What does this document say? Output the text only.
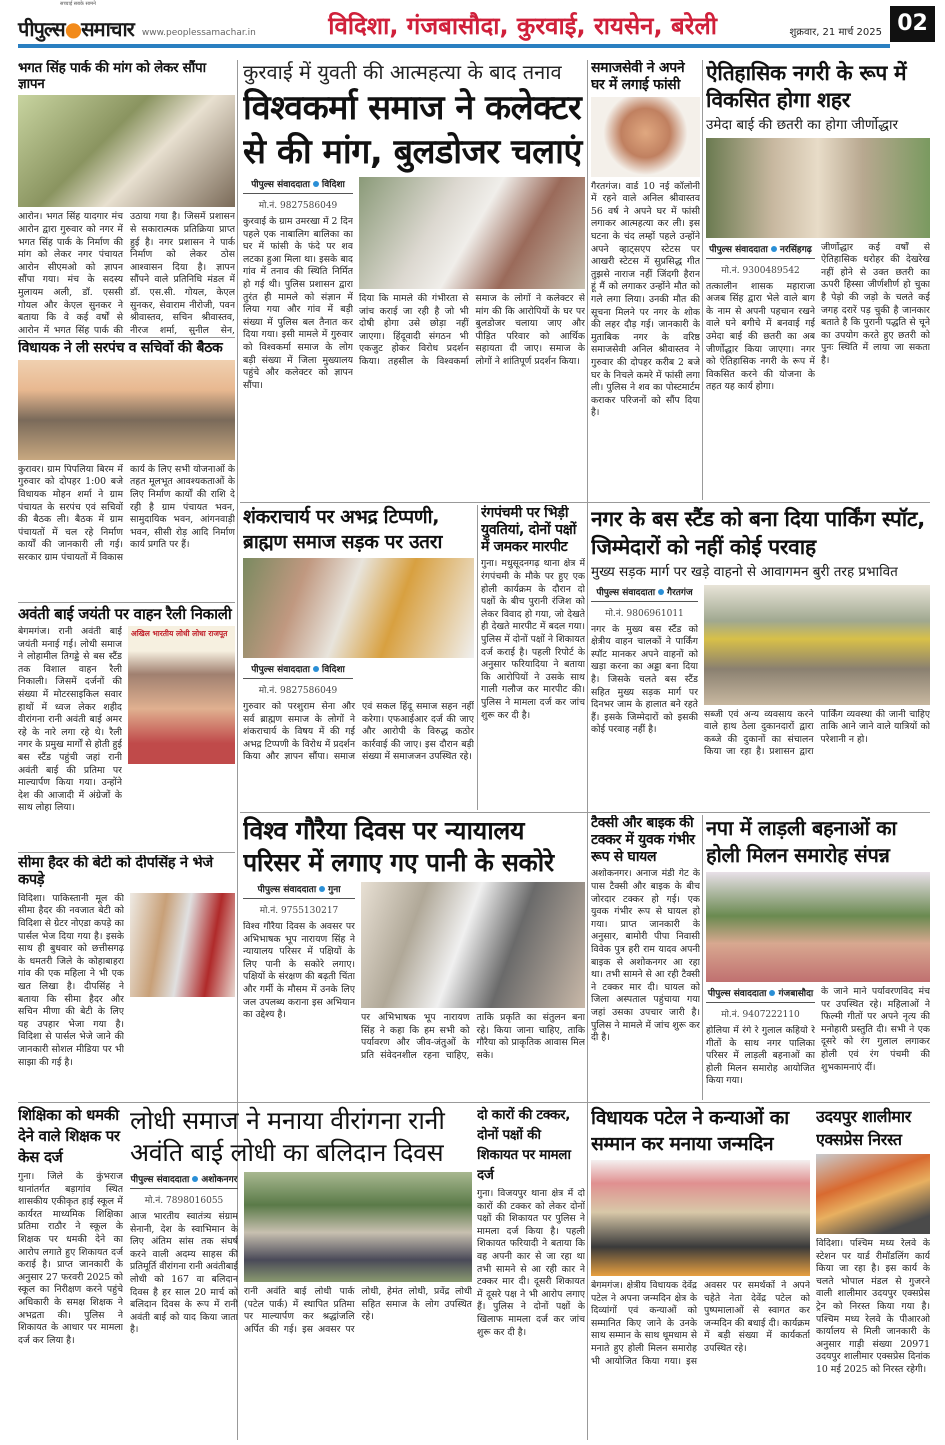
सच्चाई सबके सामने
पीपुल्स●समाचार www.peoplessamachar.in	विदिशा, गंजबासौदा, कुरवाई, रायसेन, बरेली	शुक्रवार, 21 मार्च 2025 02
भगत सिंह पार्क की मांग को लेकर सौंपा ज्ञापन
आरोन। भगत सिंह यादगार मंच आरोन द्वारा गुरुवार को नगर में भगत सिंह पार्क के निर्माण की मांग को लेकर नगर पंचायत आरोन सीएमओ को ज्ञापन सौंपा गया। मंच के सदस्य मुलायम अली, डॉ. एससी गोयल और केएल सुनकर ने बताया कि वे कई वर्षों से आरोन में भगत सिंह पार्क की उठाया गया है। जिसमें प्रशासन से सकारात्मक प्रतिक्रिया प्राप्त हुई है। नगर प्रशासन ने पार्क निर्माण को लेकर ठोस आश्वासन दिया है। ज्ञापन सौंपने वाले प्रतिनिधि मंडल में डॉ. एस.सी. गोयल, केएल सुनकर, सेवाराम नीरोजी, पवन श्रीवास्तव, सचिन श्रीवास्तव, नीरज शर्मा, सुनील सेन,
विधायक ने ली सरपंच व सचिवों की बैठक
कुरावर। ग्राम पिपलिया बिरम में गुरुवार को दोपहर 1:00 बजे विधायक मोहन शर्मा ने ग्राम पंचायत के सरपंच एवं सचिवों की बैठक ली। बैठक में ग्राम पंचायतों में चल रहे निर्माण कार्यों की जानकारी ली गई। सरकार ग्राम पंचायतों में विकास कार्य के लिए सभी योजनाओं के तहत मूलभूत आवश्यकताओं के लिए निर्माण कार्यों की राशि दे रही है ग्राम पंचायत भवन, सामुदायिक भवन, आंगनवाड़ी भवन, सीसी रोड़ आदि निर्माण कार्य प्रगति पर हैं।
कुरवाई में युवती की आत्महत्या के बाद तनाव
विश्वकर्मा समाज ने कलेक्टर से की मांग, बुलडोजर चलाएं
पीपुल्स संवाददाता विदिशा
मो.नं. 9827586049
कुरवाई के ग्राम उमरखा में 2 दिन पहले एक नाबालिग बालिका का घर में फांसी के फंदे पर शव लटका हुआ मिला था। इसके बाद गांव में तनाव की स्थिति निर्मित हो गई थी। पुलिस प्रशासन द्वारा तुरंत ही मामले को संज्ञान में लिया गया और गांव में बड़ी संख्या में पुलिस बल तैनात कर दिया गया। इसी मामले में गुरुवार को विश्वकर्मा समाज के लोग बड़ी संख्या में जिला मुख्यालय पहुंचे और कलेक्टर को ज्ञापन सौंपा।
दिया कि मामले की गंभीरता से जांच कराई जा रही है जो भी दोषी होगा उसे छोड़ा नहीं जाएगा। हिंदूवादी संगठन भी एकजुट होकर विरोध प्रदर्शन किया। तहसील के विश्वकर्मा समाज के लोगों ने कलेक्टर से मांग की कि आरोपियों के घर पर बुलडोजर चलाया जाए और पीड़ित परिवार को आर्थिक सहायता दी जाए। समाज के लोगों ने शांतिपूर्ण प्रदर्शन किया।
समाजसेवी ने अपने घर में लगाई फांसी
गैरतगंज। वार्ड 10 नई कॉलोनी में रहने वाले अनिल श्रीवास्तव 56 वर्ष ने अपने घर में फांसी लगाकर आत्महत्या कर ली। इस घटना के चंद लम्हों पहले उन्होंने अपने व्हाट्सएप स्टेटस पर आखरी स्टेटस में सुप्रसिद्ध गीत तुझसे नाराज नहीं जिंदगी हैरान हूं मैं को लगाकर उन्होंने मौत को गले लगा लिया। उनकी मौत की सूचना मिलने पर नगर के शोक की लहर दौड़ गई। जानकारी के मुताबिक नगर के वरिष्ठ समाजसेवी अनिल श्रीवास्तव ने गुरुवार की दोपहर करीब 2 बजे घर के निचले कमरे में फांसी लगा ली। पुलिस ने शव का पोस्टमार्टम कराकर परिजनों को सौंप दिया है।
ऐतिहासिक नगरी के रूप में विकसित होगा शहर
उमेदा बाई की छतरी का होगा जीर्णोद्धार
पीपुल्स संवाददाता नरसिंहगढ़
मो.नं. 9300489542
तत्कालीन शासक महाराजा अजब सिंह द्वारा भेले वाले बाग के नाम से अपनी पहचान रखने वाले घने बगीचे में बनवाई गई उमेदा बाई की छतरी का अब जीर्णोद्धार किया जाएगा। नगर को ऐतिहासिक नगरी के रूप में विकसित करने की योजना के तहत यह कार्य होगा।
जीर्णोद्धार कई वर्षों से ऐतिहासिक धरोहर की देखरेख नहीं होने से उक्त छतरी का ऊपरी हिस्सा जीर्णशीर्ण हो चुका है पेड़ो की जड़ो के चलते कई जगह दरारें पड़ चुकी है जानकार बताते है कि पुरानी पद्धति से चूने का उपयोग करते हुए छतरी को पुनः स्थिति में लाया जा सकता है।
अवंती बाई जयंती पर वाहन रैली निकाली
बेगमगंज। रानी अवंती बाई जयंती मनाई गई। लोधी समाज ने लोहामील तिगड्डे से बस स्टैंड तक विशाल वाहन रैली निकाली। जिसमें दर्जनों की संख्या में मोटरसाइकिल सवार हाथों में ध्वज लेकर शहीद वीरांगना रानी अवंती बाई अमर रहे के नारे लगा रहे थे। रैली नगर के प्रमुख मार्गों से होती हुई बस स्टैंड पहुंची जहां रानी अवंती बाई की प्रतिमा पर माल्यार्पण किया गया। उन्होंने देश की आजादी में अंग्रेजों के साथ लोहा लिया।
अखिल भारतीय लोधी लोधा राजपूत
शंकराचार्य पर अभद्र टिप्पणी, ब्राह्मण समाज सड़क पर उतरा
पीपुल्स संवाददाता विदिशा
मो.नं. 9827586049
गुरुवार को परशुराम सेना और सर्व ब्राह्मण समाज के लोगों ने शंकराचार्य के विषय में की गई अभद्र टिप्पणी के विरोध में प्रदर्शन किया और ज्ञापन सौंपा। समाज एवं सकल हिंदू समाज सहन नहीं करेगा। एफआईआर दर्ज की जाए और आरोपी के विरुद्ध कठोर कार्रवाई की जाए। इस दौरान बड़ी संख्या में समाजजन उपस्थित रहे।
रंगपंचमी पर भिड़ी युवतियां, दोनों पक्षों में जमकर मारपीट
गुना। मधुसूदनगढ़ थाना क्षेत्र में रंगपंचमी के मौके पर हुए एक होली कार्यक्रम के दौरान दो पक्षों के बीच पुरानी रंजिश को लेकर विवाद हो गया, जो देखते ही देखते मारपीट में बदल गया। पुलिस में दोनों पक्षों ने शिकायत दर्ज कराई है। पहली रिपोर्ट के अनुसार फरियादिया ने बताया कि आरोपियों ने उसके साथ गाली गलौज कर मारपीट की। पुलिस ने मामला दर्ज कर जांच शुरू कर दी है।
नगर के बस स्टैंड को बना दिया पार्किंग स्पॉट, जिम्मेदारों को नहीं कोई परवाह
मुख्य सड़क मार्ग पर खड़े वाहनो से आवागमन बुरी तरह प्रभावित
पीपुल्स संवाददाता गैरतगंज
मो.नं. 9806961011
नगर के मुख्य बस स्टैंड को क्षेत्रीय वाहन चालकों ने पार्किंग स्पॉट मानकर अपने वाहनों को खड़ा करना का अड्डा बना दिया है। जिसके चलते बस स्टैंड सहित मुख्य सड़क मार्ग पर दिनभर जाम के हालात बने रहते हैं। इसके जिम्मेदारों को इसकी कोई परवाह नहीं है।
सब्जी एवं अन्य व्यवसाय करने वाले हाथ ठेला दुकानदारों द्वारा कब्जे की दुकानों का संचालन किया जा रहा है। प्रशासन द्वारा पार्किंग व्यवस्था की जानी चाहिए ताकि आने जाने वाले यात्रियों को परेशानी न हो।
सीमा हैदर की बेटी को दीपसिंह ने भेजे कपड़े
विदिशा। पाकिस्तानी मूल की सीमा हैदर की नवजात बेटी को विदिशा से ग्रेटर नोएडा कपड़े का पार्सल भेज दिया गया है। इसके साथ ही बुधवार को छत्तीसगढ़ के धमतरी जिले के कोहाबाहरा गांव की एक महिला ने भी एक खत लिखा है। दीपसिंह ने बताया कि सीमा हैदर और सचिन मीणा की बेटी के लिए यह उपहार भेजा गया है। विदिशा से पार्सल भेजे जाने की जानकारी सोशल मीडिया पर भी साझा की गई है।
विश्व गौरैया दिवस पर न्यायालय परिसर में लगाए गए पानी के सकोरे
पीपुल्स संवाददाता गुना
मो.नं. 9755130217
विश्व गौरैया दिवस के अवसर पर अभिभाषक भूप नारायण सिंह ने न्यायालय परिसर में पक्षियों के लिए पानी के सकोरे लगाए। पक्षियों के संरक्षण की बढ़ती चिंता और गर्मी के मौसम में उनके लिए जल उपलब्ध कराना इस अभियान का उद्देश्य है।	पर अभिभाषक भूप नारायण सिंह ने कहा कि हम सभी को पर्यावरण और जीव-जंतुओं के प्रति संवेदनशील रहना चाहिए, ताकि प्रकृति का संतुलन बना रहे। किया जाना चाहिए, ताकि गौरैया को प्राकृतिक आवास मिल सके।
टैक्सी और बाइक की टक्कर में युवक गंभीर रूप से घायल
अशोकनगर। अनाज मंडी गेट के पास टैक्सी और बाइक के बीच जोरदार टक्कर हो गई। एक युवक गंभीर रूप से घायल हो गया। प्राप्त जानकारी के अनुसार, बामोरी पीपा निवासी विवेक पुत्र हरी राम यादव अपनी बाइक से अशोकनगर आ रहा था। तभी सामने से आ रही टैक्सी ने टक्कर मार दी। घायल को जिला अस्पताल पहुंचाया गया जहां उसका उपचार जारी है। पुलिस ने मामले में जांच शुरू कर दी है।
नपा में लाड़ली बहनाओं का होली मिलन समारोह संपन्न
पीपुल्स संवाददाता गंजबासौदा
मो.नं. 9407222110
होलिया में रंगे रे गुलाल कहियो रे गीतों के साथ नगर पालिका परिसर में लाड़ली बहनाओं का होली मिलन समारोह आयोजित किया गया।
के जाने माने पर्यावरणविद मंच पर उपस्थित रहे। महिलाओं ने फिल्मी गीतों पर अपने नृत्य की मनोहारी प्रस्तुति दी। सभी ने एक दूसरे को रंग गुलाल लगाकर होली एवं रंग पंचमी की शुभकामनाएं दीं।
शिक्षिका को धमकी देने वाले शिक्षक पर केस दर्ज
गुना। जिले के कुंभराज थानांतर्गत बड़ागांव स्थित शासकीय एकीकृत हाई स्कूल में कार्यरत माध्यमिक शिक्षिका प्रतिमा राठौर ने स्कूल के शिक्षक पर धमकी देने का आरोप लगाते हुए शिकायत दर्ज कराई है। प्राप्त जानकारी के अनुसार 27 फरवरी 2025 को स्कूल का निरीक्षण करने पहुंचे अधिकारी के समक्ष शिक्षक ने अभद्रता की। पुलिस ने शिकायत के आधार पर मामला दर्ज कर लिया है।
लोधी समाज ने मनाया वीरांगना रानी अवंति बाई लोधी का बलिदान दिवस
पीपुल्स संवाददाता अशोकनगर
मो.नं. 7898016055
आज भारतीय स्वातंत्र्य संग्राम सेनानी, देश के स्वाभिमान के लिए अंतिम सांस तक संघर्ष करने वाली अदम्य साहस की प्रतिमूर्ति वीरांगना रानी अवंतीबाई लोधी को 167 वा बलिदान दिवस है हर साल 20 मार्च को बलिदान दिवस के रूप में रानी अवंती बाई को याद किया जाता है।
रानी अवंति बाई लोधी पार्क (पटेल पार्क) में स्थापित प्रतिमा पर माल्यार्पण कर श्रद्धांजलि अर्पित की गई। इस अवसर पर लोधी, हेमंत लोधी, प्रवेंद्र लोधी सहित समाज के लोग उपस्थित रहे।
दो कारों की टक्कर, दोनों पक्षों की शिकायत पर मामला दर्ज
गुना। विजयपुर थाना क्षेत्र में दो कारों की टक्कर को लेकर दोनों पक्षों की शिकायत पर पुलिस ने मामला दर्ज किया है। पहली शिकायत फरियादी ने बताया कि वह अपनी कार से जा रहा था तभी सामने से आ रही कार ने टक्कर मार दी। दूसरी शिकायत में दूसरे पक्ष ने भी आरोप लगाए हैं। पुलिस ने दोनों पक्षों के खिलाफ मामला दर्ज कर जांच शुरू कर दी है।
विधायक पटेल ने कन्याओं का सम्मान कर मनाया जन्मदिन
बेगमगंज। क्षेत्रीय विधायक देवेंद्र पटेल ने अपना जन्मदिन क्षेत्र के दिव्यांगों एवं कन्याओं को सम्मानित किए जाने के उनके साथ सम्मान के साथ धूमधाम से मनाते हुए होली मिलन समारोह भी आयोजित किया गया। इस अवसर पर समर्थकों ने अपने चहेते नेता देवेंद्र पटेल को पुष्पमालाओं से स्वागत कर जन्मदिन की बधाई दी। कार्यक्रम में बड़ी संख्या में कार्यकर्ता उपस्थित रहे।
उदयपुर शालीमार एक्सप्रेस निरस्त
विदिशा। पश्चिम मध्य रेलवे के स्टेशन पर यार्ड रीमॉडलिंग कार्य किया जा रहा है। इस कार्य के चलते भोपाल मंडल से गुजरने वाली शालीमार उदयपुर एक्सप्रेस ट्रेन को निरस्त किया गया है। पश्चिम मध्य रेलवे के पीआरओ कार्यालय से मिली जानकारी के अनुसार गाड़ी संख्या 20971 उदयपुर शालीमार एक्सप्रेस दिनांक 10 मई 2025 को निरस्त रहेगी।
